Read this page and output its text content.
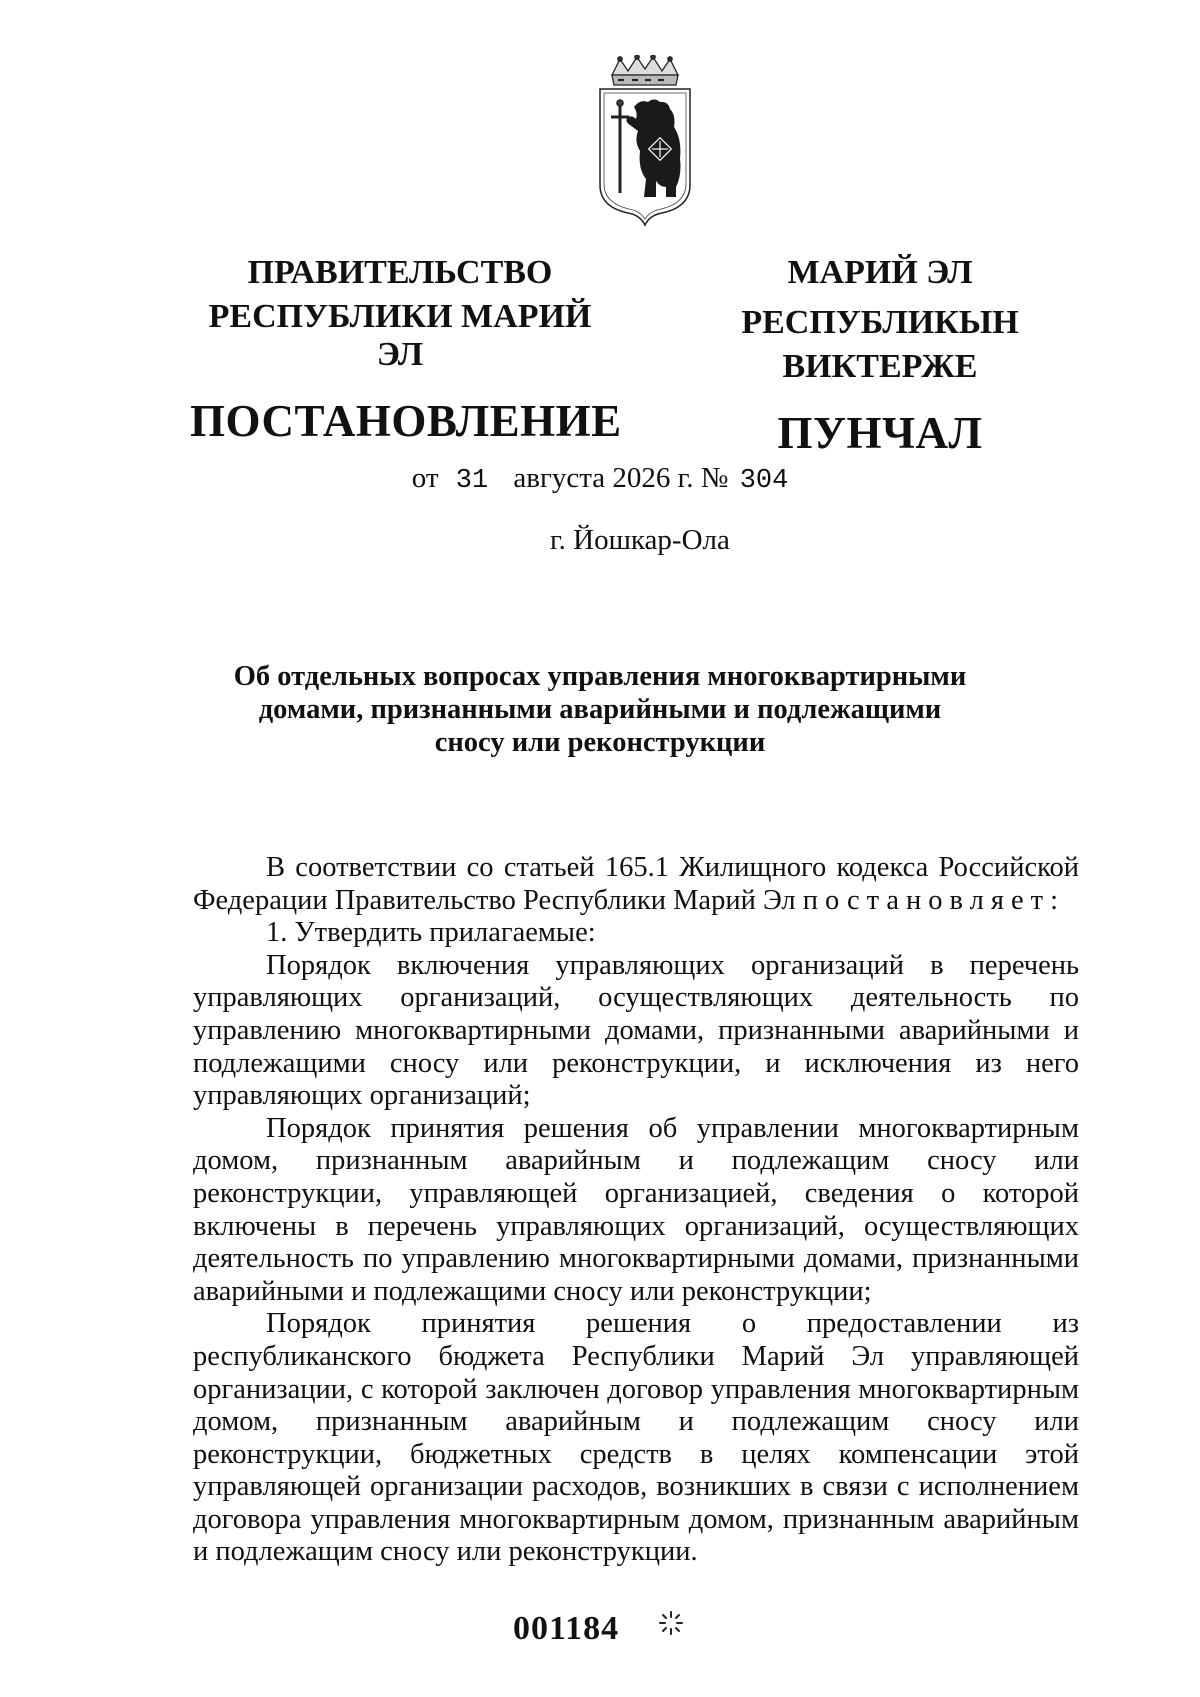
ПРАВИТЕЛЬСТВО
РЕСПУБЛИКИ МАРИЙ ЭЛ
ПОСТАНОВЛЕНИЕ
МАРИЙ ЭЛ РЕСПУБЛИКЫН
ВИКТЕРЖЕ
ПУНЧАЛ
от 31 августа 2026 г. № 304
г. Йошкар-Ола
Об отдельных вопросах управления многоквартирными
домами, признанными аварийными и подлежащими
сносу или реконструкции

В соответствии со статьей 165.1 Жилищного кодекса Российской Федерации Правительство Республики Марий Эл постановляет:

1. Утвердить прилагаемые:

Порядок включения управляющих организаций в перечень управляющих организаций, осуществляющих деятельность по управлению многоквартирными домами, признанными аварийными и подлежащими сносу или реконструкции, и исключения из него управляющих организаций;

Порядок принятия решения об управлении многоквартирным домом, признанным аварийным и подлежащим сносу или реконструкции, управляющей организацией, сведения о которой включены в перечень управляющих организаций, осуществляющих деятельность по управлению многоквартирными домами, признанными аварийными и подлежащими сносу или реконструкции;

Порядок принятия решения о предоставлении из республиканского бюджета Республики Марий Эл управляющей организации, с которой заключен договор управления многоквартирным домом, признанным аварийным и подлежащим сносу или реконструкции, бюджетных средств в целях компенсации этой управляющей организации расходов, возникших в связи с исполнением договора управления многоквартирным домом, признанным аварийным и подлежащим сносу или реконструкции.

001184
